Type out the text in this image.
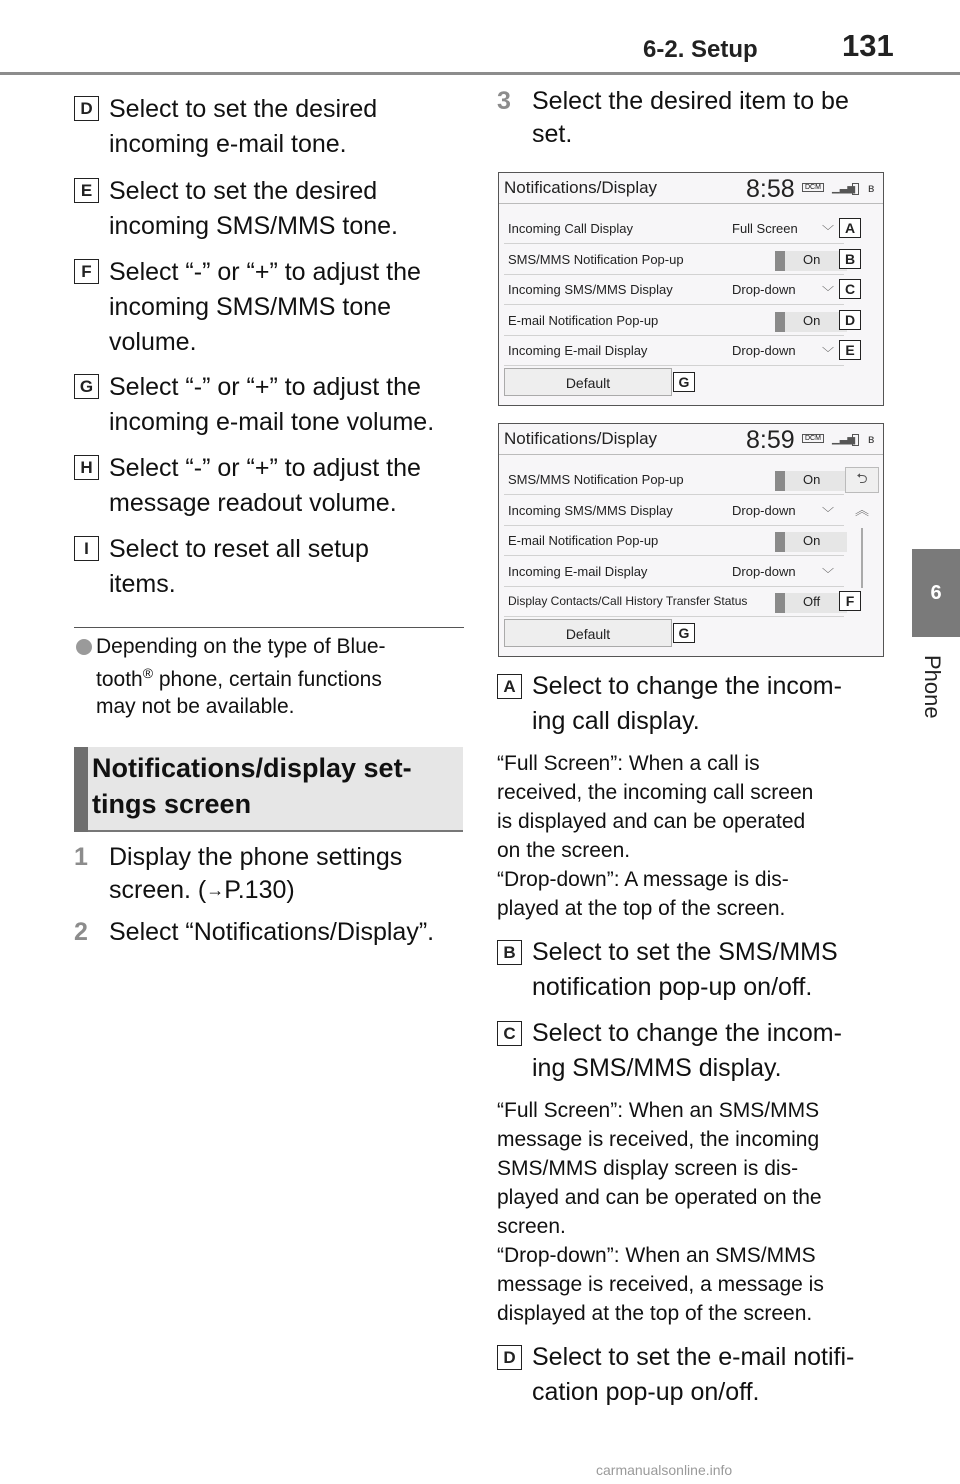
6-2. Setup	131
6
Phone
D Select to set the desired
incoming e-mail tone.
E Select to set the desired
incoming SMS/MMS tone.
F Select “-” or “+” to adjust the
incoming SMS/MMS tone
volume.
G Select “-” or “+” to adjust the
incoming e-mail tone volume.
H Select “-” or “+” to adjust the
message readout volume.
I Select to reset all setup
items.
Depending on the type of Blue-
tooth® phone, certain functions
may not be available.
Notifications/display set-
tings screen
1 Display the phone settings
screen. (→P.130)
2 Select “Notifications/Display”.
3 Select the desired item to be
set.
Notifications/Display	8:58	DCM	▁▃▅ ʙ
Incoming Call Display	Full Screen ﹀
SMS/MMS Notification Pop-up	On
Incoming SMS/MMS Display	Drop-down ﹀
E-mail Notification Pop-up	On
Incoming E-mail Display	Drop-down ﹀
Default
A
B
C
D
E
G
Notifications/Display	8:59	DCM	▁▃▅ ʙ
SMS/MMS Notification Pop-up	On
Incoming SMS/MMS Display	Drop-down ﹀
E-mail Notification Pop-up	On
Incoming E-mail Display	Drop-down ﹀
Display Contacts/Call History Transfer Status	Off
Default
⮌
︽
F
G
A Select to change the incom-
ing call display.
“Full Screen”: When a call is
received, the incoming call screen
is displayed and can be operated
on the screen.
“Drop-down”: A message is dis-
played at the top of the screen.
B Select to set the SMS/MMS
notification pop-up on/off.
C Select to change the incom-
ing SMS/MMS display.
“Full Screen”: When an SMS/MMS
message is received, the incoming
SMS/MMS display screen is dis-
played and can be operated on the
screen.
“Drop-down”: When an SMS/MMS
message is received, a message is
displayed at the top of the screen.
D Select to set the e-mail notifi-
cation pop-up on/off.
carmanualsonline.info
